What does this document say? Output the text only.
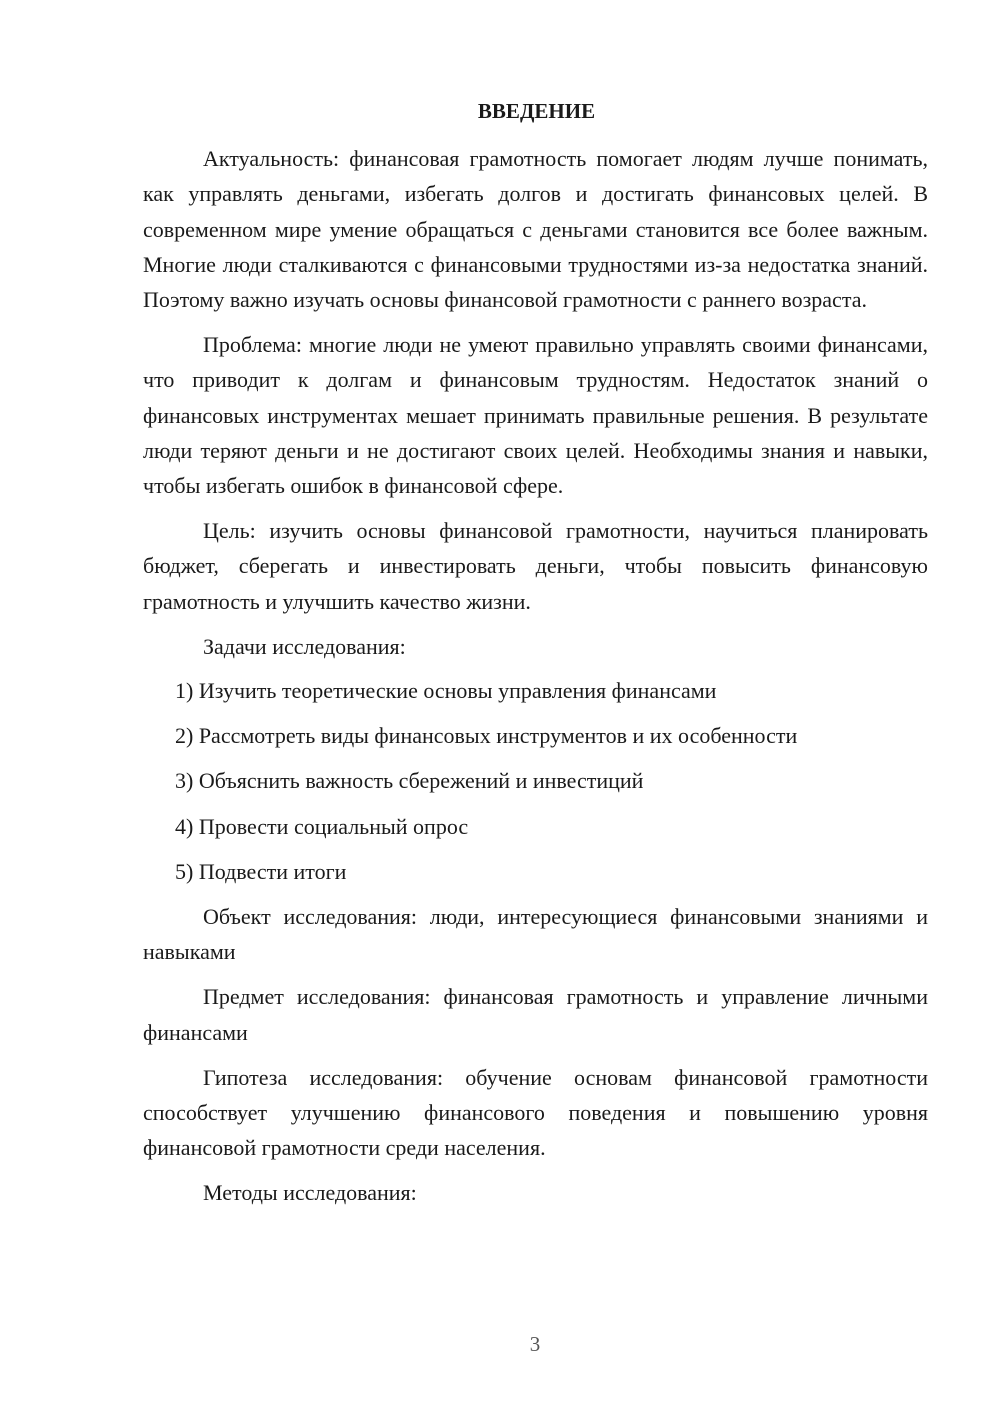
ВВЕДЕНИЕ

Актуальность: финансовая грамотность помогает людям лучше понимать, как управлять деньгами, избегать долгов и достигать финансовых целей. В современном мире умение обращаться с деньгами становится все более важным. Многие люди сталкиваются с финансовыми трудностями из-за недостатка знаний. Поэтому важно изучать основы финансовой грамотности с раннего возраста.

Проблема: многие люди не умеют правильно управлять своими финансами, что приводит к долгам и финансовым трудностям. Недостаток знаний о финансовых инструментах мешает принимать правильные решения. В результате люди теряют деньги и не достигают своих целей. Необходимы знания и навыки, чтобы избегать ошибок в финансовой сфере.

Цель: изучить основы финансовой грамотности, научиться планировать бюджет, сберегать и инвестировать деньги, чтобы повысить финансовую грамотность и улучшить качество жизни.

Задачи исследования:

1) Изучить теоретические основы управления финансами
2) Рассмотреть виды финансовых инструментов и их особенности
3) Объяснить важность сбережений и инвестиций
4) Провести социальный опрос
5) Подвести итоги

Объект исследования: люди, интересующиеся финансовыми знаниями и навыками

Предмет исследования: финансовая грамотность и управление личными финансами

Гипотеза исследования: обучение основам финансовой грамотности способствует улучшению финансового поведения и повышению уровня финансовой грамотности среди населения.

Методы исследования:

3
